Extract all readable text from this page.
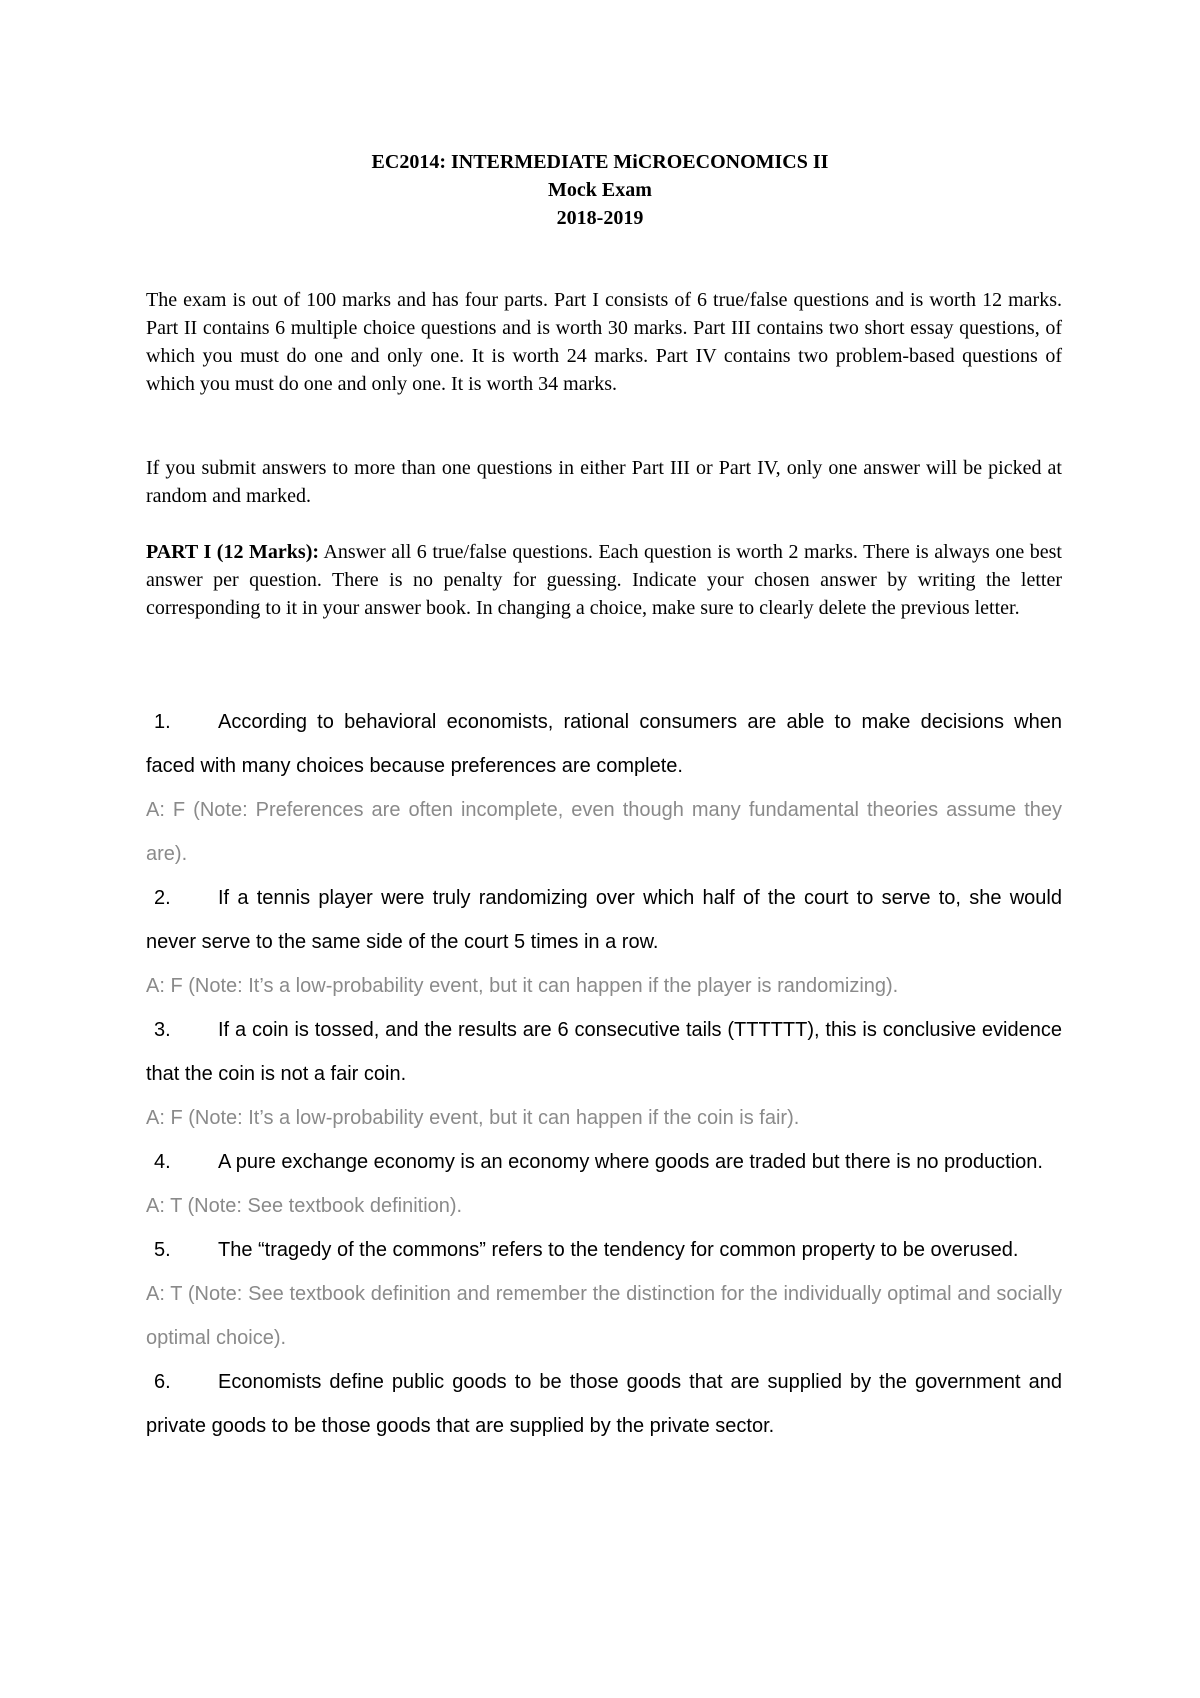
EC2014: INTERMEDIATE MiCROECONOMICS II
Mock Exam
2018-2019

The exam is out of 100 marks and has four parts. Part I consists of 6 true/false questions and is worth 12 marks. Part II contains 6 multiple choice questions and is worth 30 marks. Part III contains two short essay questions, of which you must do one and only one. It is worth 24 marks. Part IV contains two problem-based questions of which you must do one and only one. It is worth 34 marks.

If you submit answers to more than one questions in either Part III or Part IV, only one answer will be picked at random and marked.

PART I (12 Marks): Answer all 6 true/false questions. Each question is worth 2 marks. There is always one best answer per question. There is no penalty for guessing. Indicate your chosen answer by writing the letter corresponding to it in your answer book. In changing a choice, make sure to clearly delete the previous letter.

1. According to behavioral economists, rational consumers are able to make decisions when faced with many choices because preferences are complete.

A: F (Note: Preferences are often incomplete, even though many fundamental theories assume they are).

2. If a tennis player were truly randomizing over which half of the court to serve to, she would never serve to the same side of the court 5 times in a row.

A: F (Note: It’s a low-probability event, but it can happen if the player is randomizing).

3. If a coin is tossed, and the results are 6 consecutive tails (TTTTTT), this is conclusive evidence that the coin is not a fair coin.

A: F (Note: It’s a low-probability event, but it can happen if the coin is fair).

4. A pure exchange economy is an economy where goods are traded but there is no production.

A: T (Note: See textbook definition).

5. The “tragedy of the commons” refers to the tendency for common property to be overused.

A: T (Note: See textbook definition and remember the distinction for the individually optimal and socially optimal choice).

6. Economists define public goods to be those goods that are supplied by the government and private goods to be those goods that are supplied by the private sector.
